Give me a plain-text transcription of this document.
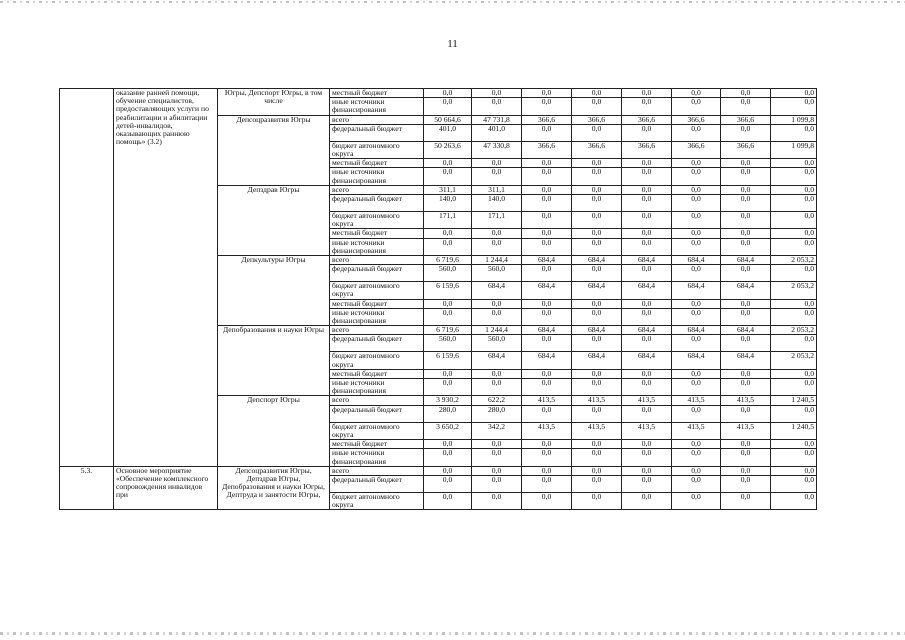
11
	оказание ранней помощи, обучение специалистов, предоставляющих услуги по реабилитации и абилитации детей-инвалидов, оказывающих раннюю помощь» (3.2)	Югры, Депспорт Югры, в том числе	местный бюджет	0,0	0,0	0,0	0,0	0,0	0,0	0,0	0,0
			иные источники финансирования	0,0	0,0	0,0	0,0	0,0	0,0	0,0	0,0
		Депсоцразвития Югры	всего	50 664,6	47 731,8	366,6	366,6	366,6	366,6	366,6	1 099,8
			федеральный бюджет	401,0	401,0	0,0	0,0	0,0	0,0	0,0	0,0
			бюджет автономного округа	50 263,6	47 330,8	366,6	366,6	366,6	366,6	366,6	1 099,8
			местный бюджет	0,0	0,0	0,0	0,0	0,0	0,0	0,0	0,0
			иные источники финансирования	0,0	0,0	0,0	0,0	0,0	0,0	0,0	0,0
		Депздрав Югры	всего	311,1	311,1	0,0	0,0	0,0	0,0	0,0	0,0
			федеральный бюджет	140,0	140,0	0,0	0,0	0,0	0,0	0,0	0,0
			бюджет автономного округа	171,1	171,1	0,0	0,0	0,0	0,0	0,0	0,0
			местный бюджет	0,0	0,0	0,0	0,0	0,0	0,0	0,0	0,0
			иные источники финансирования	0,0	0,0	0,0	0,0	0,0	0,0	0,0	0,0
		Депкультуры Югры	всего	6 719,6	1 244,4	684,4	684,4	684,4	684,4	684,4	2 053,2
			федеральный бюджет	560,0	560,0	0,0	0,0	0,0	0,0	0,0	0,0
			бюджет автономного округа	6 159,6	684,4	684,4	684,4	684,4	684,4	684,4	2 053,2
			местный бюджет	0,0	0,0	0,0	0,0	0,0	0,0	0,0	0,0
			иные источники финансирования	0,0	0,0	0,0	0,0	0,0	0,0	0,0	0,0
		Депобразования и науки Югры	всего	6 719,6	1 244,4	684,4	684,4	684,4	684,4	684,4	2 053,2
			федеральный бюджет	560,0	560,0	0,0	0,0	0,0	0,0	0,0	0,0
			бюджет автономного округа	6 159,6	684,4	684,4	684,4	684,4	684,4	684,4	2 053,2
			местный бюджет	0,0	0,0	0,0	0,0	0,0	0,0	0,0	0,0
			иные источники финансирования	0,0	0,0	0,0	0,0	0,0	0,0	0,0	0,0
		Депспорт Югры	всего	3 930,2	622,2	413,5	413,5	413,5	413,5	413,5	1 240,5
			федеральный бюджет	280,0	280,0	0,0	0,0	0,0	0,0	0,0	0,0
			бюджет автономного округа	3 650,2	342,2	413,5	413,5	413,5	413,5	413,5	1 240,5
			местный бюджет	0,0	0,0	0,0	0,0	0,0	0,0	0,0	0,0
			иные источники финансирования	0,0	0,0	0,0	0,0	0,0	0,0	0,0	0,0
5.3.	Основное мероприятие «Обеспечение комплексного сопровождения инвалидов при	Депсоцразвития Югры, Депздрав Югры, Депобразования и науки Югры, Дептруда и занятости Югры,	всего	0,0	0,0	0,0	0,0	0,0	0,0	0,0	0,0
			федеральный бюджет	0,0	0,0	0,0	0,0	0,0	0,0	0,0	0,0
			бюджет автономного округа	0,0	0,0	0,0	0,0	0,0	0,0	0,0	0,0
